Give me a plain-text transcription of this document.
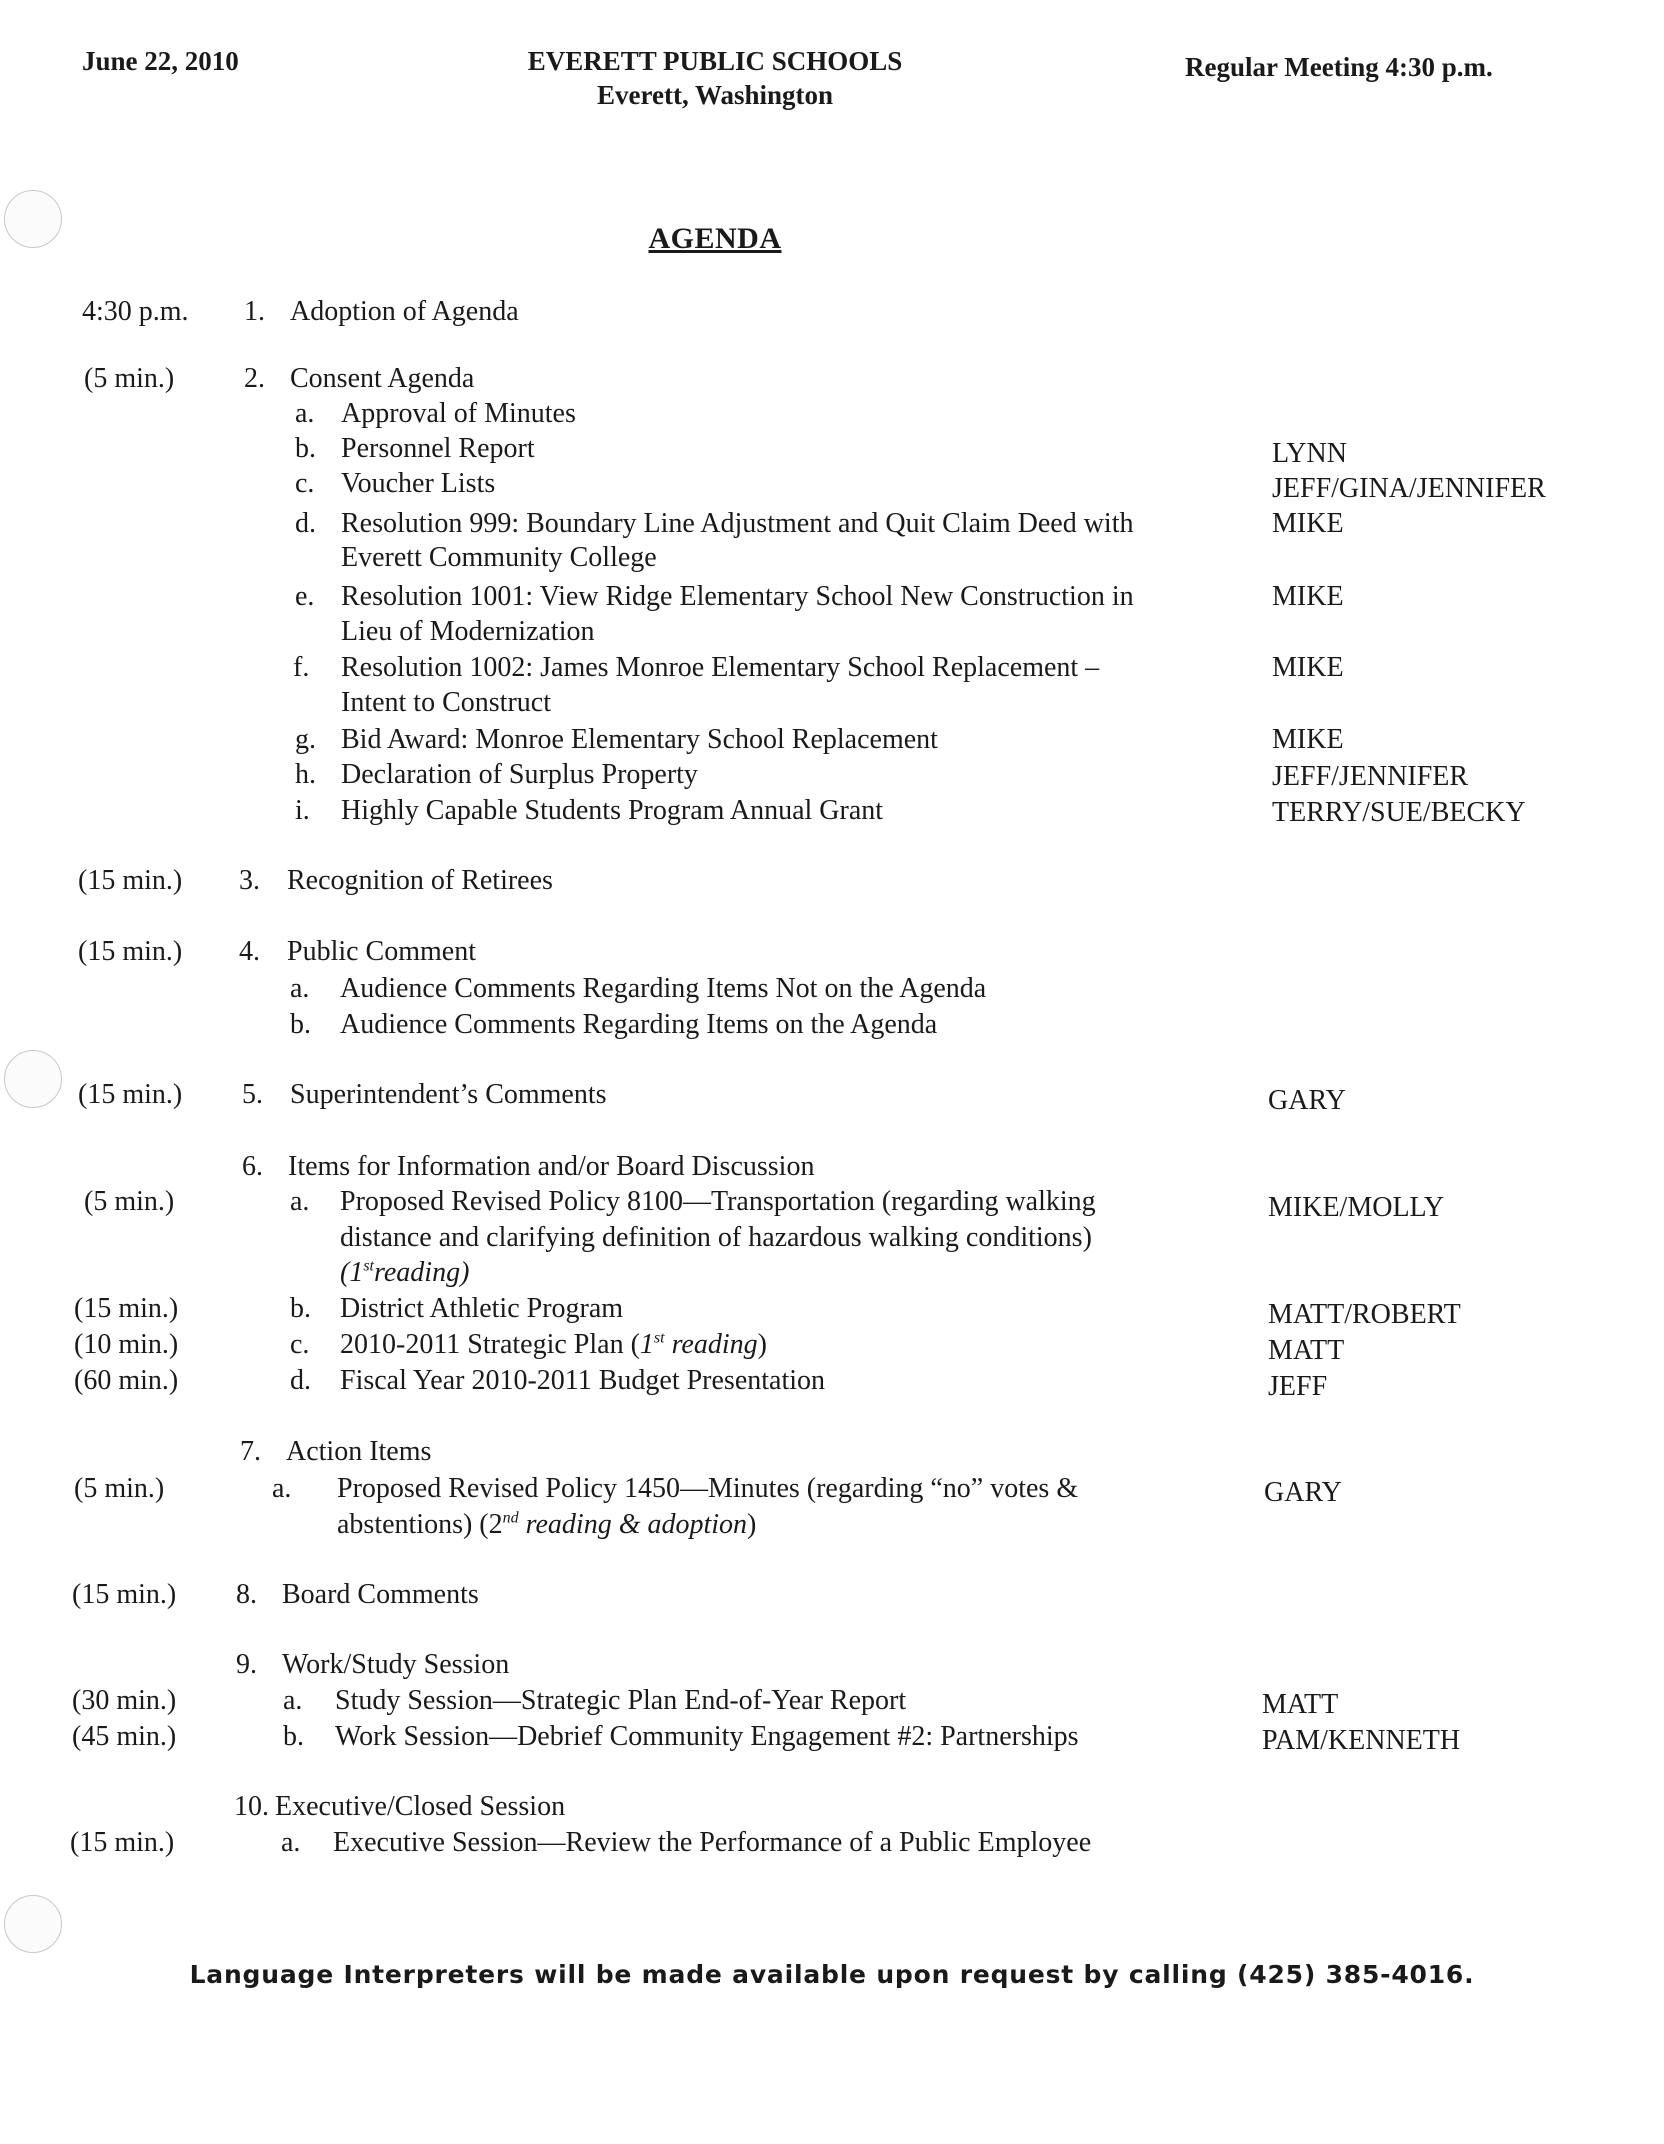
June 22, 2010	EVERETT PUBLIC SCHOOLS
Everett, Washington
Regular Meeting 4:30 p.m.
AGENDA
4:30 p.m.	1. Adoption of Agenda
(5 min.)	2. Consent Agenda
a. Approval of Minutes
b. Personnel Report	LYNN
c. Voucher Lists	JEFF/GINA/JENNIFER
d. Resolution 999: Boundary Line Adjustment and Quit Claim Deed with	MIKE
Everett Community College
e. Resolution 1001: View Ridge Elementary School New Construction in	MIKE
Lieu of Modernization
f.	Resolution 1002: James Monroe Elementary School Replacement –	MIKE
Intent to Construct
g. Bid Award: Monroe Elementary School Replacement	MIKE
h. Declaration of Surplus Property	JEFF/JENNIFER
i.	Highly Capable Students Program Annual Grant	TERRY/SUE/BECKY
(15 min.)	3. Recognition of Retirees
(15 min.)	4. Public Comment
a.	Audience Comments Regarding Items Not on the Agenda
b.	Audience Comments Regarding Items on the Agenda
(15 min.)	5. Superintendent’s Comments	GARY
6. Items for Information and/or Board Discussion
(5 min.)	a.	Proposed Revised Policy 8100—Transportation (regarding walking	MIKE/MOLLY
distance and clarifying definition of hazardous walking conditions)
(1streading)
(15 min.)	b.	District Athletic Program	MATT/ROBERT
(10 min.)	c.	2010-2011 Strategic Plan (1st reading)	MATT
(60 min.)	d.	Fiscal Year 2010-2011 Budget Presentation	JEFF
7. Action Items
(5 min.)	a.	Proposed Revised Policy 1450—Minutes (regarding “no” votes &	GARY
abstentions) (2nd reading & adoption)
(15 min.)	8. Board Comments
9. Work/Study Session
(30 min.)	a.	Study Session—Strategic Plan End-of-Year Report	MATT
(45 min.)	b.	Work Session—Debrief Community Engagement #2: Partnerships	PAM/KENNETH
10. Executive/Closed Session
(15 min.)	a.	Executive Session—Review the Performance of a Public Employee
Language Interpreters will be made available upon request by calling (425) 385-4016.
